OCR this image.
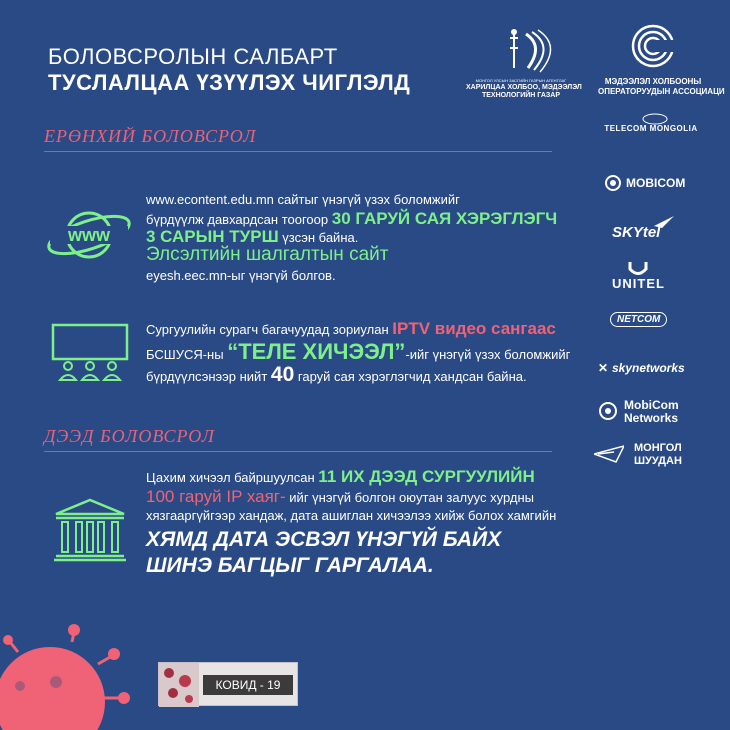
БОЛОВСРОЛЫН САЛБАРТ
ТУСЛАЛЦАА ҮЗҮҮЛЭХ ЧИГЛЭЛД	МОНГОЛ УЛСЫН ЗАСГИЙН ГАЗРЫН АГЕНТЛАГ
ХАРИЛЦАА ХОЛБОО, МЭДЭЭЛЭЛ
ТЕХНОЛОГИЙН ГАЗАР
МЭДЭЭЛЭЛ ХОЛБООНЫ
ОПЕРАТОРУУДЫН АССОЦИАЦИ
ЕРӨНХИЙ БОЛОВСРОЛ
www
www.econtent.edu.mn сайтыг үнэгүй үзэх боломжийг
бүрдүүлж давхардсан тоогоор 30 ГАРУЙ САЯ ХЭРЭГЛЭГЧ
3 САРЫН ТУРШ үзсэн байна.
Элсэлтийн шалгалтын сайт
eyesh.eec.mn-ыг үнэгүй болгов.
Сургуулийн сурагч багачуудад зориулан IPTV видео сангаас
БСШУСЯ-ны “ТЕЛЕ ХИЧЭЭЛ”-ийг үнэгүй үзэх боломжийг
бүрдүүлсэнээр нийт 40 гаруй сая хэрэглэгчид хандсан байна.
ДЭЭД БОЛОВСРОЛ
Цахим хичээл байршуулсан 11 ИХ ДЭЭД СУРГУУЛИЙН
100 гаруй IP хаяг- ийг үнэгүй болгон оюутан залуус хурдны
хязгааргүйгээр хандаж, дата ашиглан хичээлээ хийж болох хамгийн
ХЯМД ДАТА ЭСВЭЛ ҮНЭГҮЙ БАЙХ
ШИНЭ БАГЦЫГ ГАРГАЛАА.
TELECOM MONGOLIA
MOBICOM
SKYtel
UNITEL
NETCOM
✕ skynetworks
MobiCom
Networks
МОНГОЛ
ШУУДАН
КОВИД - 19
